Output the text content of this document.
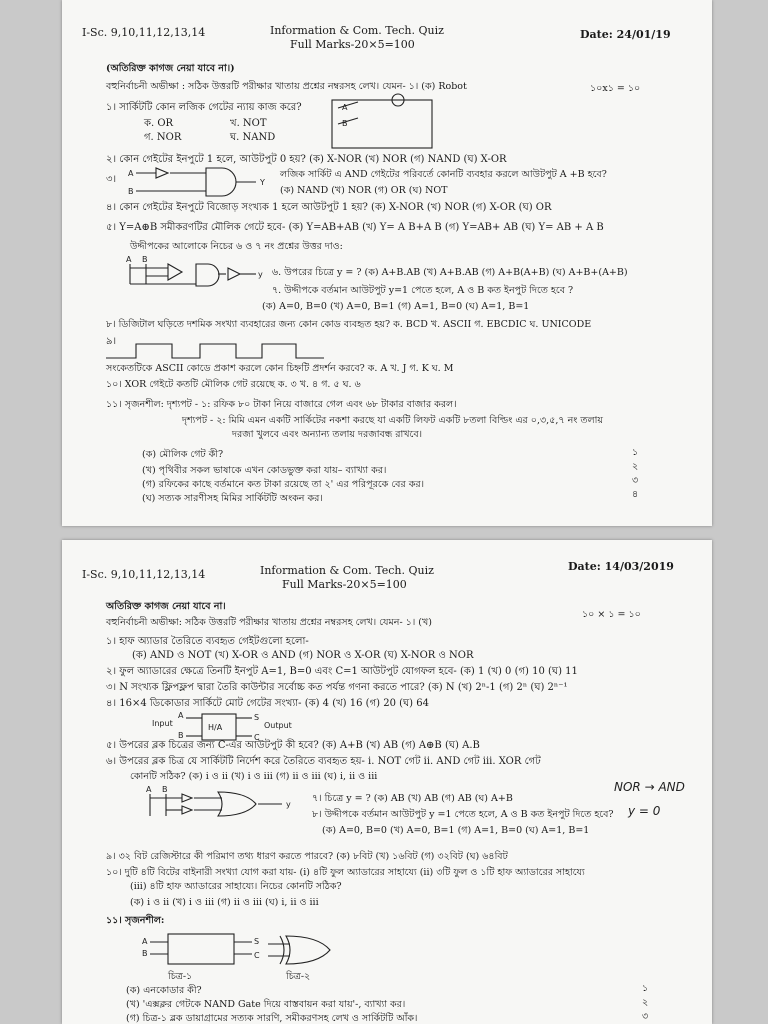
I-Sc. 9,10,11,12,13,14	Information & Com. Tech. Quiz
Full Marks-20×5=100
Date: 24/01/19
(অতিরিক্ত কাগজ নেয়া যাবে না।)
বহুনির্বাচনী অভীক্ষা : সঠিক উত্তরটি পরীক্ষার খাতায় প্রশ্নের নম্বরসহ লেখ। যেমন- ১। (ক) Robot	১০x১ = ১০
১। সার্কিটটি কোন লজিক গেটের ন্যায় কাজ করে?
ক. OR	খ. NOT
গ. NOR	ঘ. NAND
A
B
২। কোন গেইটের ইনপুটে 1 হলে, আউটপুট 0 হয়? (ক) X-NOR (খ) NOR (গ) NAND (ঘ) X-OR
৩।
A
B
Y
লজিক সার্কিট এ AND গেইটের পরিবর্তে কোনটি ব্যবহার করলে আউটপুট A +B হবে?
(ক) NAND (খ) NOR (গ) OR (ঘ) NOT
৪। কোন গেইটের ইনপুটে বিজোড় সংখ্যক 1 হলে আউটপুট 1 হয়? (ক) X-NOR (খ) NOR (গ) X-OR (ঘ) OR
৫। Y=A⊕B সমীকরণটির মৌলিক গেটে হবে- (ক) Y=AB+AB (খ) Y= A B+A B (গ) Y=AB+ AB (ঘ) Y= AB + A B
উদ্দীপকের আলোকে নিচের ৬ ও ৭ নং প্রশ্নের উত্তর দাও:
A B
y ৬. উপরের চিত্রে y = ? (ক) A+B.AB (খ) A+B.AB (গ) A+B(A+B) (ঘ) A+B+(A+B)
৭. উদ্দীপকে বর্তমান আউটপুট y=1 পেতে হলে, A ও B কত ইনপুট দিতে হবে ?
(ক) A=0, B=0 (খ) A=0, B=1 (গ) A=1, B=0 (ঘ) A=1, B=1
৮। ডিজিটাল ঘড়িতে দশমিক সংখ্যা ব্যবহারের জন্য কোন কোড ব্যবহৃত হয়? ক. BCD খ. ASCII গ. EBCDIC ঘ. UNICODE
৯।
সংকেতটিকে ASCII কোডে প্রকাশ করলে কোন চিহ্নটি প্রদর্শন করবে? ক. A খ. J গ. K ঘ. M
১০। XOR গেইটে কতটি মৌলিক গেট রয়েছে ক. ৩ খ. ৪ গ. ৫ ঘ. ৬
১১। সৃজনশীল: দৃশ্যপট - ১: রফিক ৮০ টাকা নিয়ে বাজারে গেল এবং ৬৮ টাকার বাজার করল।
দৃশ্যপট - ২: মিমি এমন একটি সার্কিটের নকশা করছে যা একটি লিফট একটি ৮তলা বিল্ডিং এর ০,৩,৫,৭ নং তলায়
দরজা খুলবে এবং অন্যান্য তলায় দরজাবন্ধ রাখবে।
(ক) মৌলিক গেট কী?
(খ) পৃথিবীর সকল ভাষাকে এখন কোডভুক্ত করা যায়– ব্যাখ্যা কর।
(গ) রফিকের কাছে বর্তমানে কত টাকা রয়েছে তা ২' এর পরিপূরকে বের কর।
(ঘ) সত্যক সারণীসহ মিমির সার্কিটটি অংকন কর।
১
২
৩
৪
I-Sc. 9,10,11,12,13,14	Information & Com. Tech. Quiz
Full Marks-20×5=100
Date: 14/03/2019
অতিরিক্ত কাগজ নেয়া যাবে না।
বহুনির্বাচনী অভীক্ষা: সঠিক উত্তরটি পরীক্ষার খাতায় প্রশ্নের নম্বরসহ লেখ। যেমন- ১। (খ)
১০ × ১ = ১০
১। হাফ অ্যাডার তৈরিতে ব্যবহৃত গেইটগুলো হলো-
(ক) AND ও NOT (খ) X-OR ও AND (গ) NOR ও X-OR (ঘ) X-NOR ও NOR
২। ফুল অ্যাডারের ক্ষেত্রে তিনটি ইনপুট A=1, B=0 এবং C=1 আউটপুট যোগফল হবে- (ক) 1 (খ) 0 (গ) 10 (ঘ) 11
৩। N সংখ্যক ফ্লিপফ্লপ দ্বারা তৈরি কাউন্টার সর্বোচ্চ কত পর্যন্ত গণনা করতে পারে? (ক) N (খ) 2ⁿ-1 (গ) 2ⁿ (ঘ) 2ⁿ⁻¹
৪। 16×4 ডিকোডার সার্কিটে মোট গেটের সংখ্যা- (ক) 4 (খ) 16 (গ) 20 (ঘ) 64
Input
A
B
H/A
S
C
Output
৫। উপরের ব্লক চিত্রের জন্য C-এর আউটপুট কী হবে? (ক) A+B (খ) AB (গ) A⊕B (ঘ) A.B
৬। উপরের ব্লক চিত্র যে সার্কিটটি নির্দেশ করে তৈরিতে ব্যবহৃত হয়- i. NOT গেট ii. AND গেট iii. XOR গেট
কোনটি সঠিক? (ক) i ও ii (খ) i ও iii (গ) ii ও iii (ঘ) i, ii ও iii
A B
y
৭। চিত্রে y = ? (ক) AB (খ) AB (গ) AB (ঘ) A+B
৮। উদ্দীপকে বর্তমান আউটপুট y =1 পেতে হলে, A ও B কত ইনপুট দিতে হবে?
(ক) A=0, B=0 (খ) A=0, B=1 (গ) A=1, B=0 (ঘ) A=1, B=1
NOR → AND
y = 0
৯। ৩২ বিট রেজিস্টারে কী পরিমাণ তথ্য ধারণ করতে পারবে? (ক) ৮বিট (খ) ১৬বিট (গ) ৩২বিট (ঘ) ৬৪বিট
১০। দুটি ৪টি বিটের বাইনারী সংখ্যা যোগ করা যায়- (i) ৪টি ফুল অ্যাডারের সাহায্যে (ii) ৩টি ফুল ও ১টি হাফ অ্যাডারের সাহায্যে
(iii) ৪টি হাফ অ্যাডারের সাহায্যে। নিচের কোনটি সঠিক?
(ক) i ও ii (খ) i ও iii (গ) ii ও iii (ঘ) i, ii ও iii
১১। সৃজনশীল:
A
B
S
C
চিত্র-১	চিত্র-২
(ক) এনকোডার কী?
(খ) 'এক্সক্লর গেটকে NAND Gate দিয়ে বাস্তবায়ন করা যায়'-, ব্যাখ্যা কর।
(গ) চিত্র-১ ব্লক ডায়াগ্রামের সত্যক সারণি, সমীকরণসহ লেখ ও সার্কিটটি আঁক।
১
২
৩
